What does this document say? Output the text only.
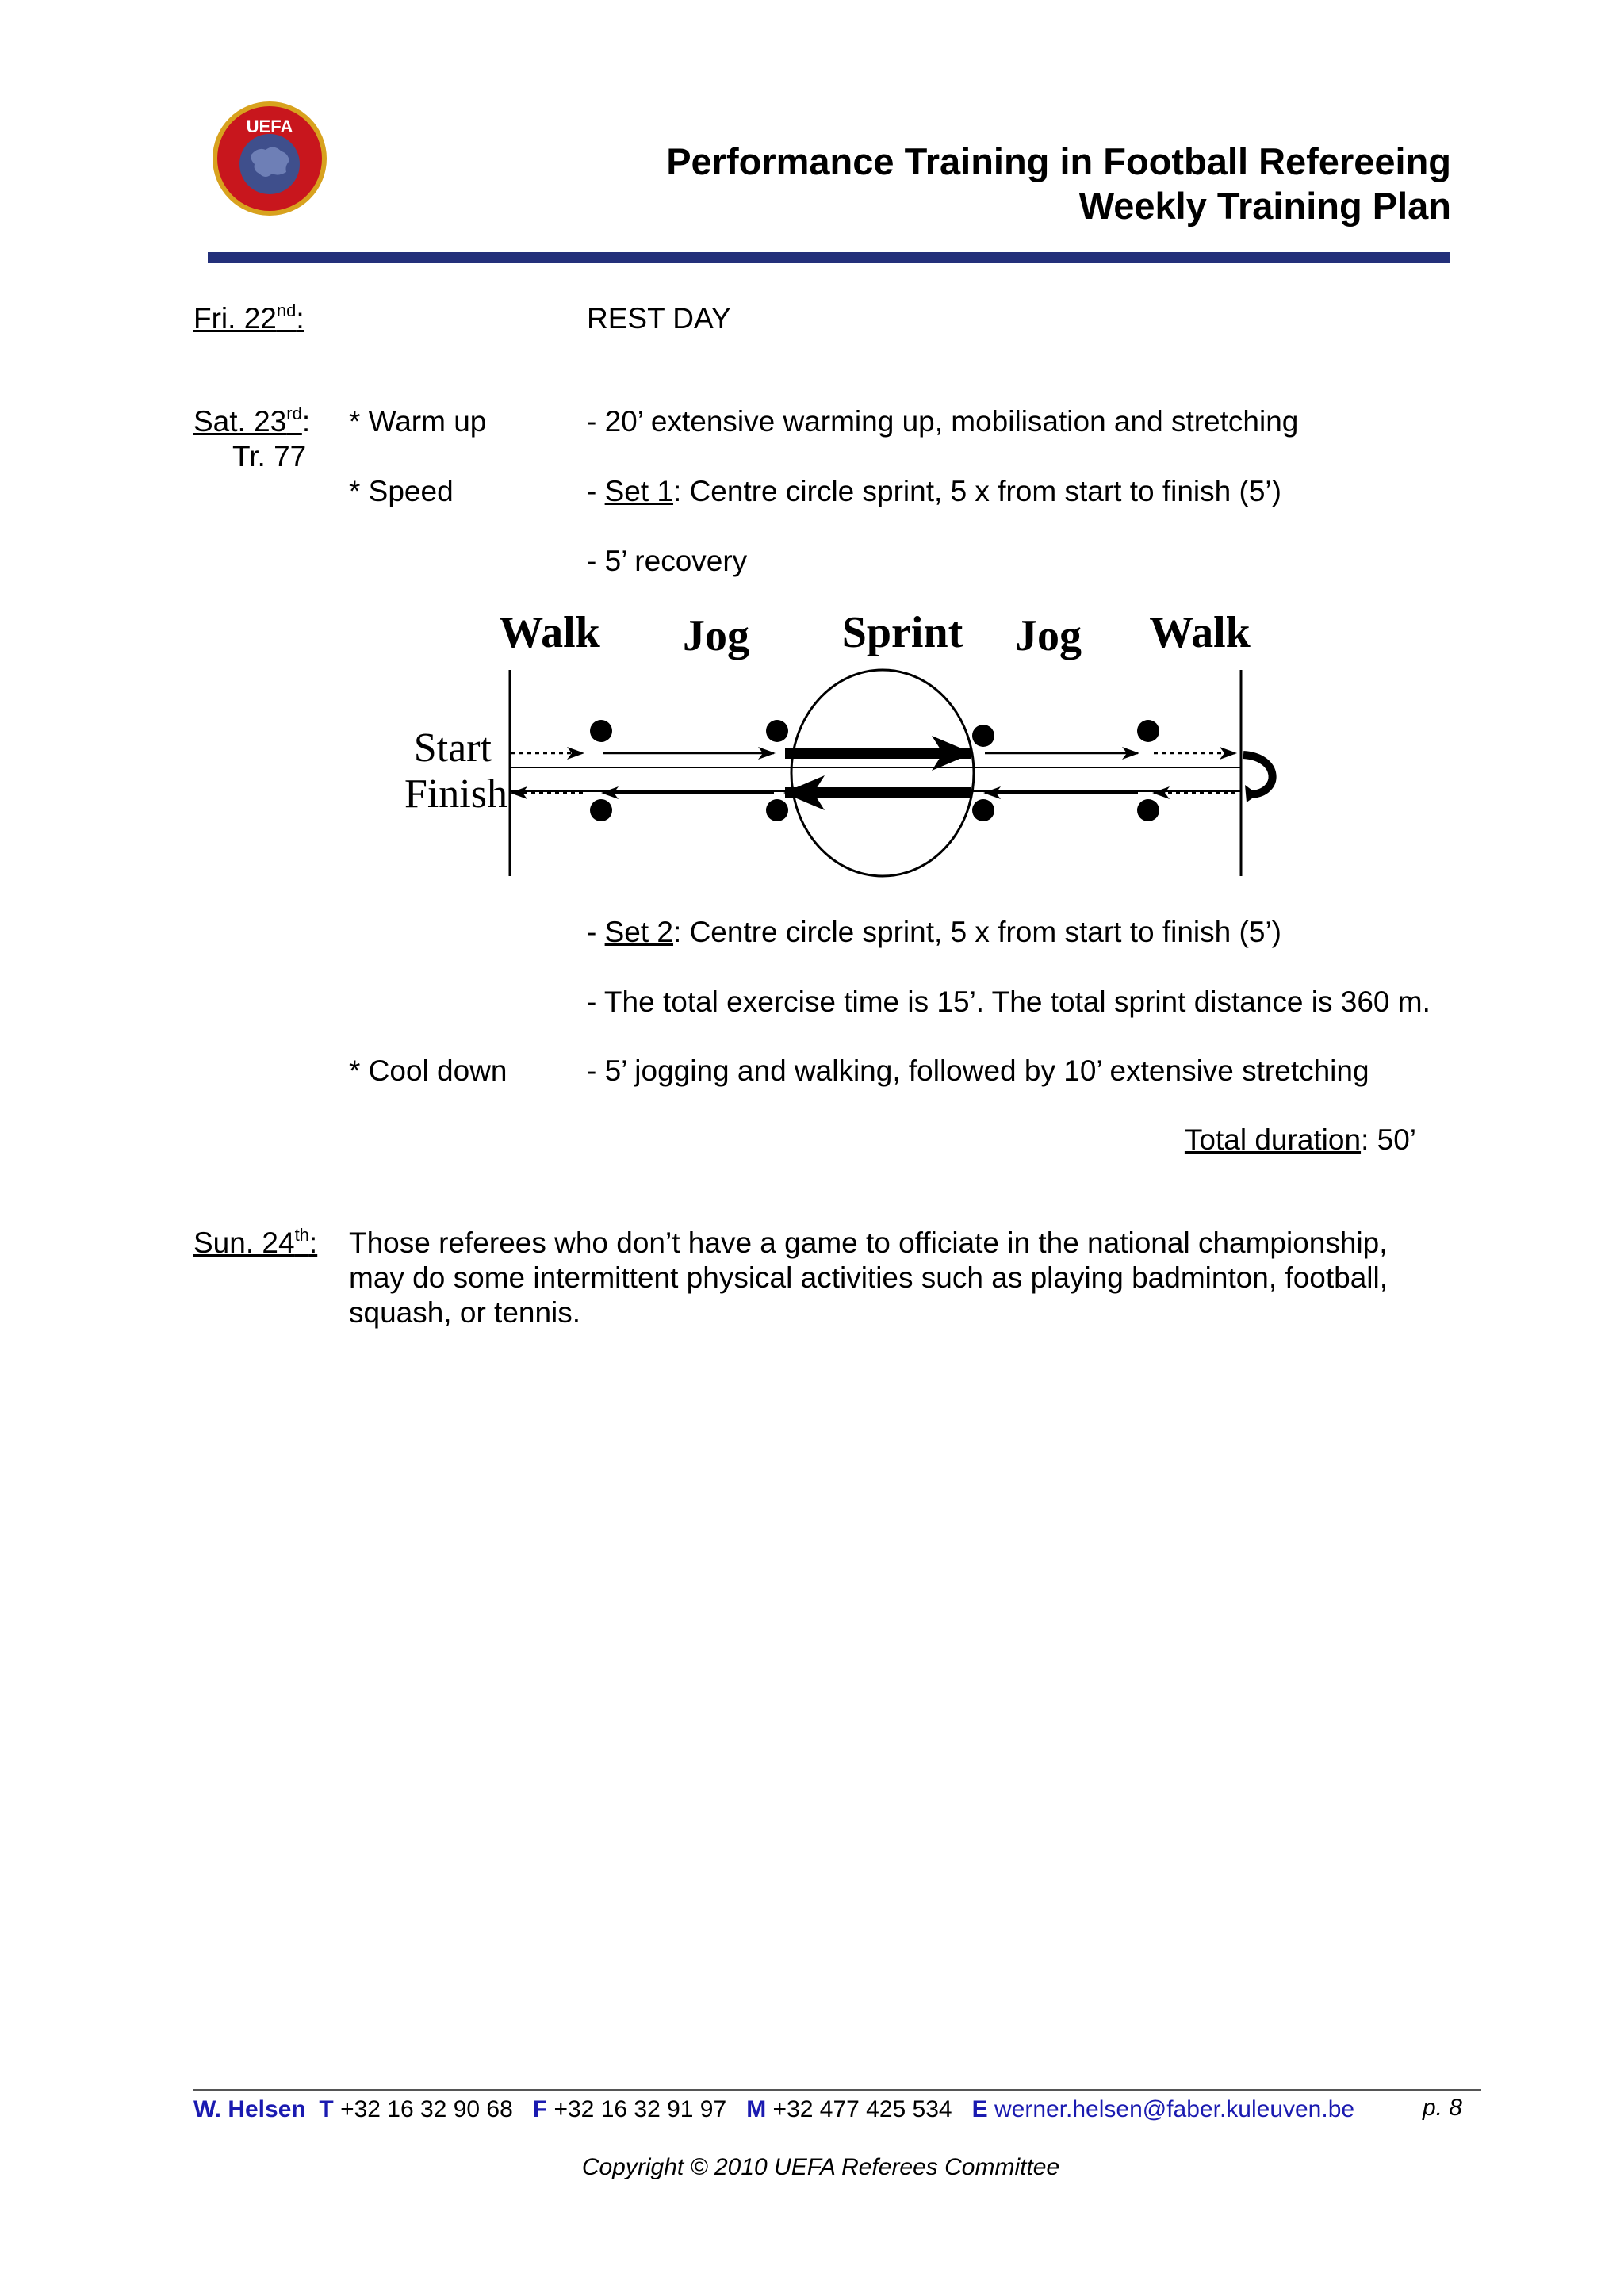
UEFA
Performance Training in Football Refereeing
Weekly Training Plan
Fri. 22nd:	REST DAY
Sat. 23rd:
Tr. 77
* Warm up	- 20’ extensive warming up, mobilisation and stretching
* Speed	- Set 1: Centre circle sprint, 5 x from start to finish (5’)
- 5’ recovery
Walk Jog Sprint Jog Walk
Start
Finish
- Set 2: Centre circle sprint, 5 x from start to finish (5’)
- The total exercise time is 15’. The total sprint distance is 360 m.
* Cool down	- 5’ jogging and walking, followed by 10’ extensive stretching
Total duration: 50’
Sun. 24th: Those referees who don’t have a game to officiate in the national championship,
may do some intermittent physical activities such as playing badminton, football,
squash, or tennis.
W. Helsen T +32 16 32 90 68 F +32 16 32 91 97 M +32 477 425 534 E werner.helsen@faber.kuleuven.be	p. 8
Copyright © 2010 UEFA Referees Committee
